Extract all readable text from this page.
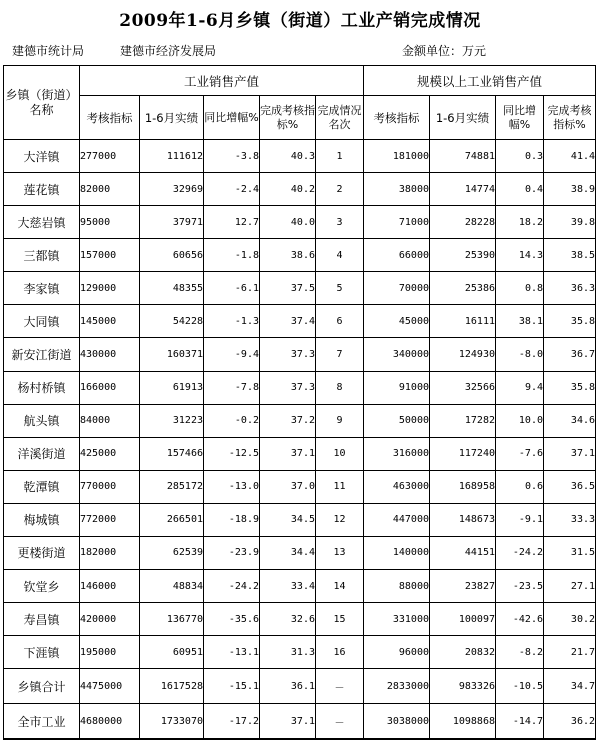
2009年1-6月乡镇（街道）工业产销完成情况
建德市统计局	建德市经济发展局	金额单位：万元
乡镇（街道）名称	工业销售产值					规模以上工业销售产值			
	考核指标	1-6月实绩	同比增幅%	完成考核指标%	完成情况名次	考核指标	1-6月实绩	同比增幅%	完成考核指标%
大洋镇	277000	111612	-3.8	40.3	1	181000	74881	0.3	41.4
莲花镇	82000	32969	-2.4	40.2	2	38000	14774	0.4	38.9
大慈岩镇	95000	37971	12.7	40.0	3	71000	28228	18.2	39.8
三都镇	157000	60656	-1.8	38.6	4	66000	25390	14.3	38.5
李家镇	129000	48355	-6.1	37.5	5	70000	25386	0.8	36.3
大同镇	145000	54228	-1.3	37.4	6	45000	16111	38.1	35.8
新安江街道	430000	160371	-9.4	37.3	7	340000	124930	-8.0	36.7
杨村桥镇	166000	61913	-7.8	37.3	8	91000	32566	9.4	35.8
航头镇	84000	31223	-0.2	37.2	9	50000	17282	10.0	34.6
洋溪街道	425000	157466	-12.5	37.1	10	316000	117240	-7.6	37.1
乾潭镇	770000	285172	-13.0	37.0	11	463000	168958	0.6	36.5
梅城镇	772000	266501	-18.9	34.5	12	447000	148673	-9.1	33.3
更楼街道	182000	62539	-23.9	34.4	13	140000	44151	-24.2	31.5
钦堂乡	146000	48834	-24.2	33.4	14	88000	23827	-23.5	27.1
寿昌镇	420000	136770	-35.6	32.6	15	331000	100097	-42.6	30.2
下涯镇	195000	60951	-13.1	31.3	16	96000	20832	-8.2	21.7
乡镇合计	4475000	1617528	-15.1	36.1	－	2833000	983326	-10.5	34.7
全市工业	4680000	1733070	-17.2	37.1	－	3038000	1098868	-14.7	36.2
